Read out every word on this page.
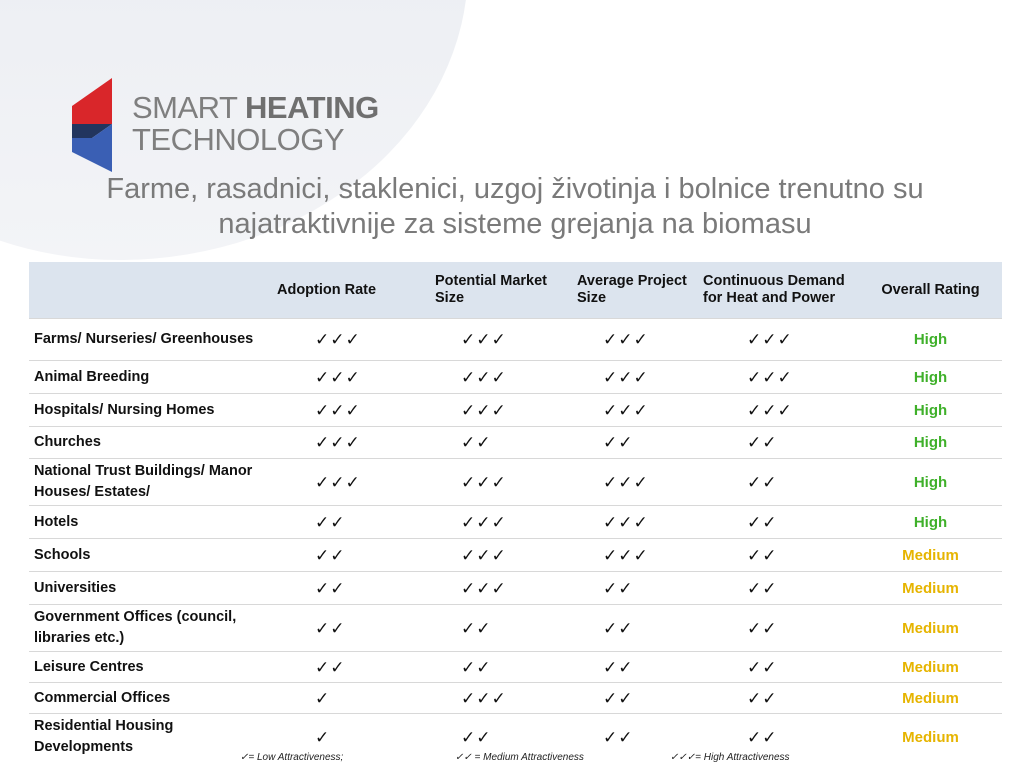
SMART HEATING
TECHNOLOGY
Farme, rasadnici, staklenici, uzgoj životinja i bolnice trenutno su
najatraktivnije za sisteme grejanja na biomasu
	Adoption Rate	Potential Market Size	Average Project Size	Continuous Demand for Heat and Power	Overall Rating
Farms/ Nurseries/ Greenhouses	✓✓✓	✓✓✓	✓✓✓	✓✓✓	High
Animal Breeding	✓✓✓	✓✓✓	✓✓✓	✓✓✓	High
Hospitals/ Nursing Homes	✓✓✓	✓✓✓	✓✓✓	✓✓✓	High
Churches	✓✓✓	✓✓	✓✓	✓✓	High
National Trust Buildings/ Manor Houses/ Estates/	✓✓✓	✓✓✓	✓✓✓	✓✓	High
Hotels	✓✓	✓✓✓	✓✓✓	✓✓	High
Schools	✓✓	✓✓✓	✓✓✓	✓✓	Medium
Universities	✓✓	✓✓✓	✓✓	✓✓	Medium
Government Offices (council, libraries etc.)	✓✓	✓✓	✓✓	✓✓	Medium
Leisure Centres	✓✓	✓✓	✓✓	✓✓	Medium
Commercial Offices	✓	✓✓✓	✓✓	✓✓	Medium
Residential Housing Developments	✓	✓✓	✓✓	✓✓	Medium
✓= Low Attractiveness;	✓✓ = Medium Attractiveness	✓✓✓= High Attractiveness
